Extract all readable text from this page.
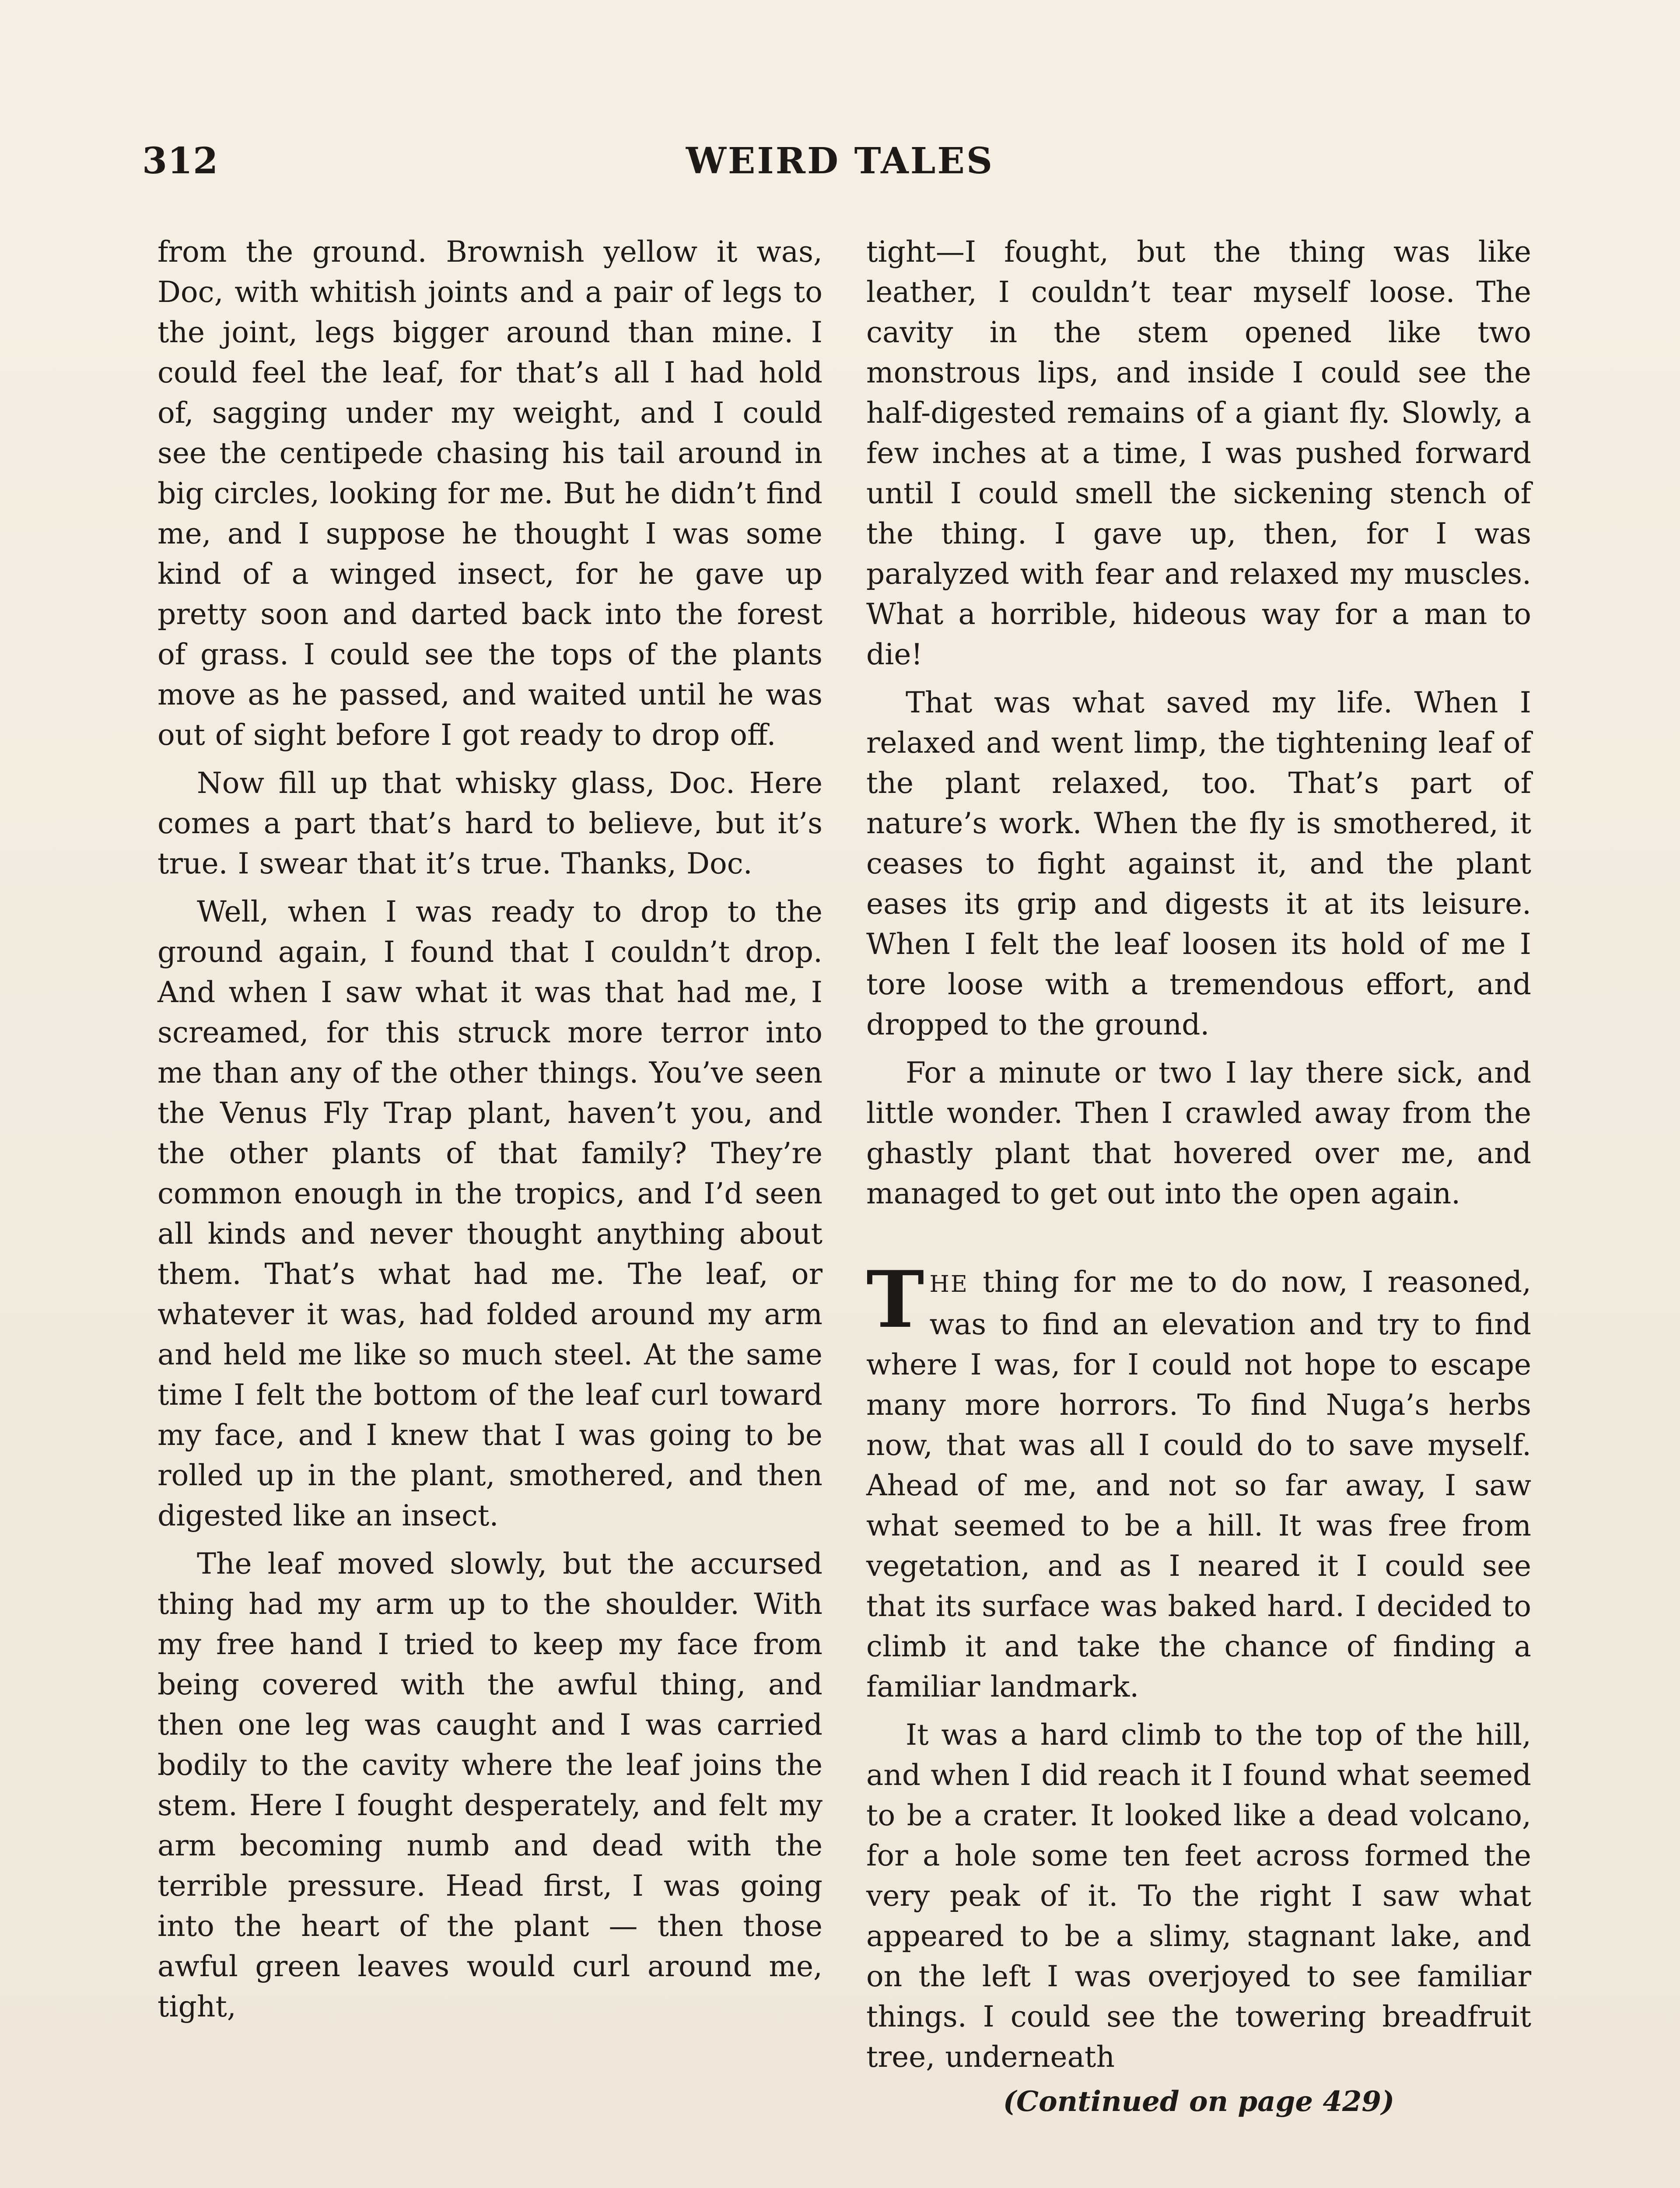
312	WEIRD TALES

from the ground. Brownish yellow it was, Doc, with whitish joints and a pair of legs to the joint, legs bigger around than mine. I could feel the leaf, for that’s all I had hold of, sagging under my weight, and I could see the centipede chasing his tail around in big circles, looking for me. But he didn’t find me, and I suppose he thought I was some kind of a winged insect, for he gave up pretty soon and darted back into the forest of grass. I could see the tops of the plants move as he passed, and waited until he was out of sight before I got ready to drop off.

Now fill up that whisky glass, Doc. Here comes a part that’s hard to believe, but it’s true. I swear that it’s true. Thanks, Doc.

Well, when I was ready to drop to the ground again, I found that I couldn’t drop. And when I saw what it was that had me, I screamed, for this struck more terror into me than any of the other things. You’ve seen the Venus Fly Trap plant, haven’t you, and the other plants of that family? They’re common enough in the tropics, and I’d seen all kinds and never thought anything about them. That’s what had me. The leaf, or whatever it was, had folded around my arm and held me like so much steel. At the same time I felt the bottom of the leaf curl toward my face, and I knew that I was going to be rolled up in the plant, smothered, and then digested like an insect.

The leaf moved slowly, but the accursed thing had my arm up to the shoulder. With my free hand I tried to keep my face from being covered with the awful thing, and then one leg was caught and I was carried bodily to the cavity where the leaf joins the stem. Here I fought desperately, and felt my arm becoming numb and dead with the terrible pressure. Head first, I was going into the heart of the plant — then those awful green leaves would curl around me, tight,

tight—I fought, but the thing was like leather, I couldn’t tear myself loose. The cavity in the stem opened like two monstrous lips, and inside I could see the half-digested remains of a giant fly. Slowly, a few inches at a time, I was pushed forward until I could smell the sickening stench of the thing. I gave up, then, for I was paralyzed with fear and relaxed my muscles. What a horrible, hideous way for a man to die!

That was what saved my life. When I relaxed and went limp, the tightening leaf of the plant relaxed, too. That’s part of nature’s work. When the fly is smothered, it ceases to fight against it, and the plant eases its grip and digests it at its leisure. When I felt the leaf loosen its hold of me I tore loose with a tremendous effort, and dropped to the ground.

For a minute or two I lay there sick, and little wonder. Then I crawled away from the ghastly plant that hovered over me, and managed to get out into the open again.

THE thing for me to do now, I reasoned, was to find an elevation and try to find where I was, for I could not hope to escape many more horrors. To find Nuga’s herbs now, that was all I could do to save myself. Ahead of me, and not so far away, I saw what seemed to be a hill. It was free from vegetation, and as I neared it I could see that its surface was baked hard. I decided to climb it and take the chance of finding a familiar landmark.

It was a hard climb to the top of the hill, and when I did reach it I found what seemed to be a crater. It looked like a dead volcano, for a hole some ten feet across formed the very peak of it. To the right I saw what appeared to be a slimy, stagnant lake, and on the left I was overjoyed to see familiar things. I could see the towering breadfruit tree, underneath

(Continued on page 429)
